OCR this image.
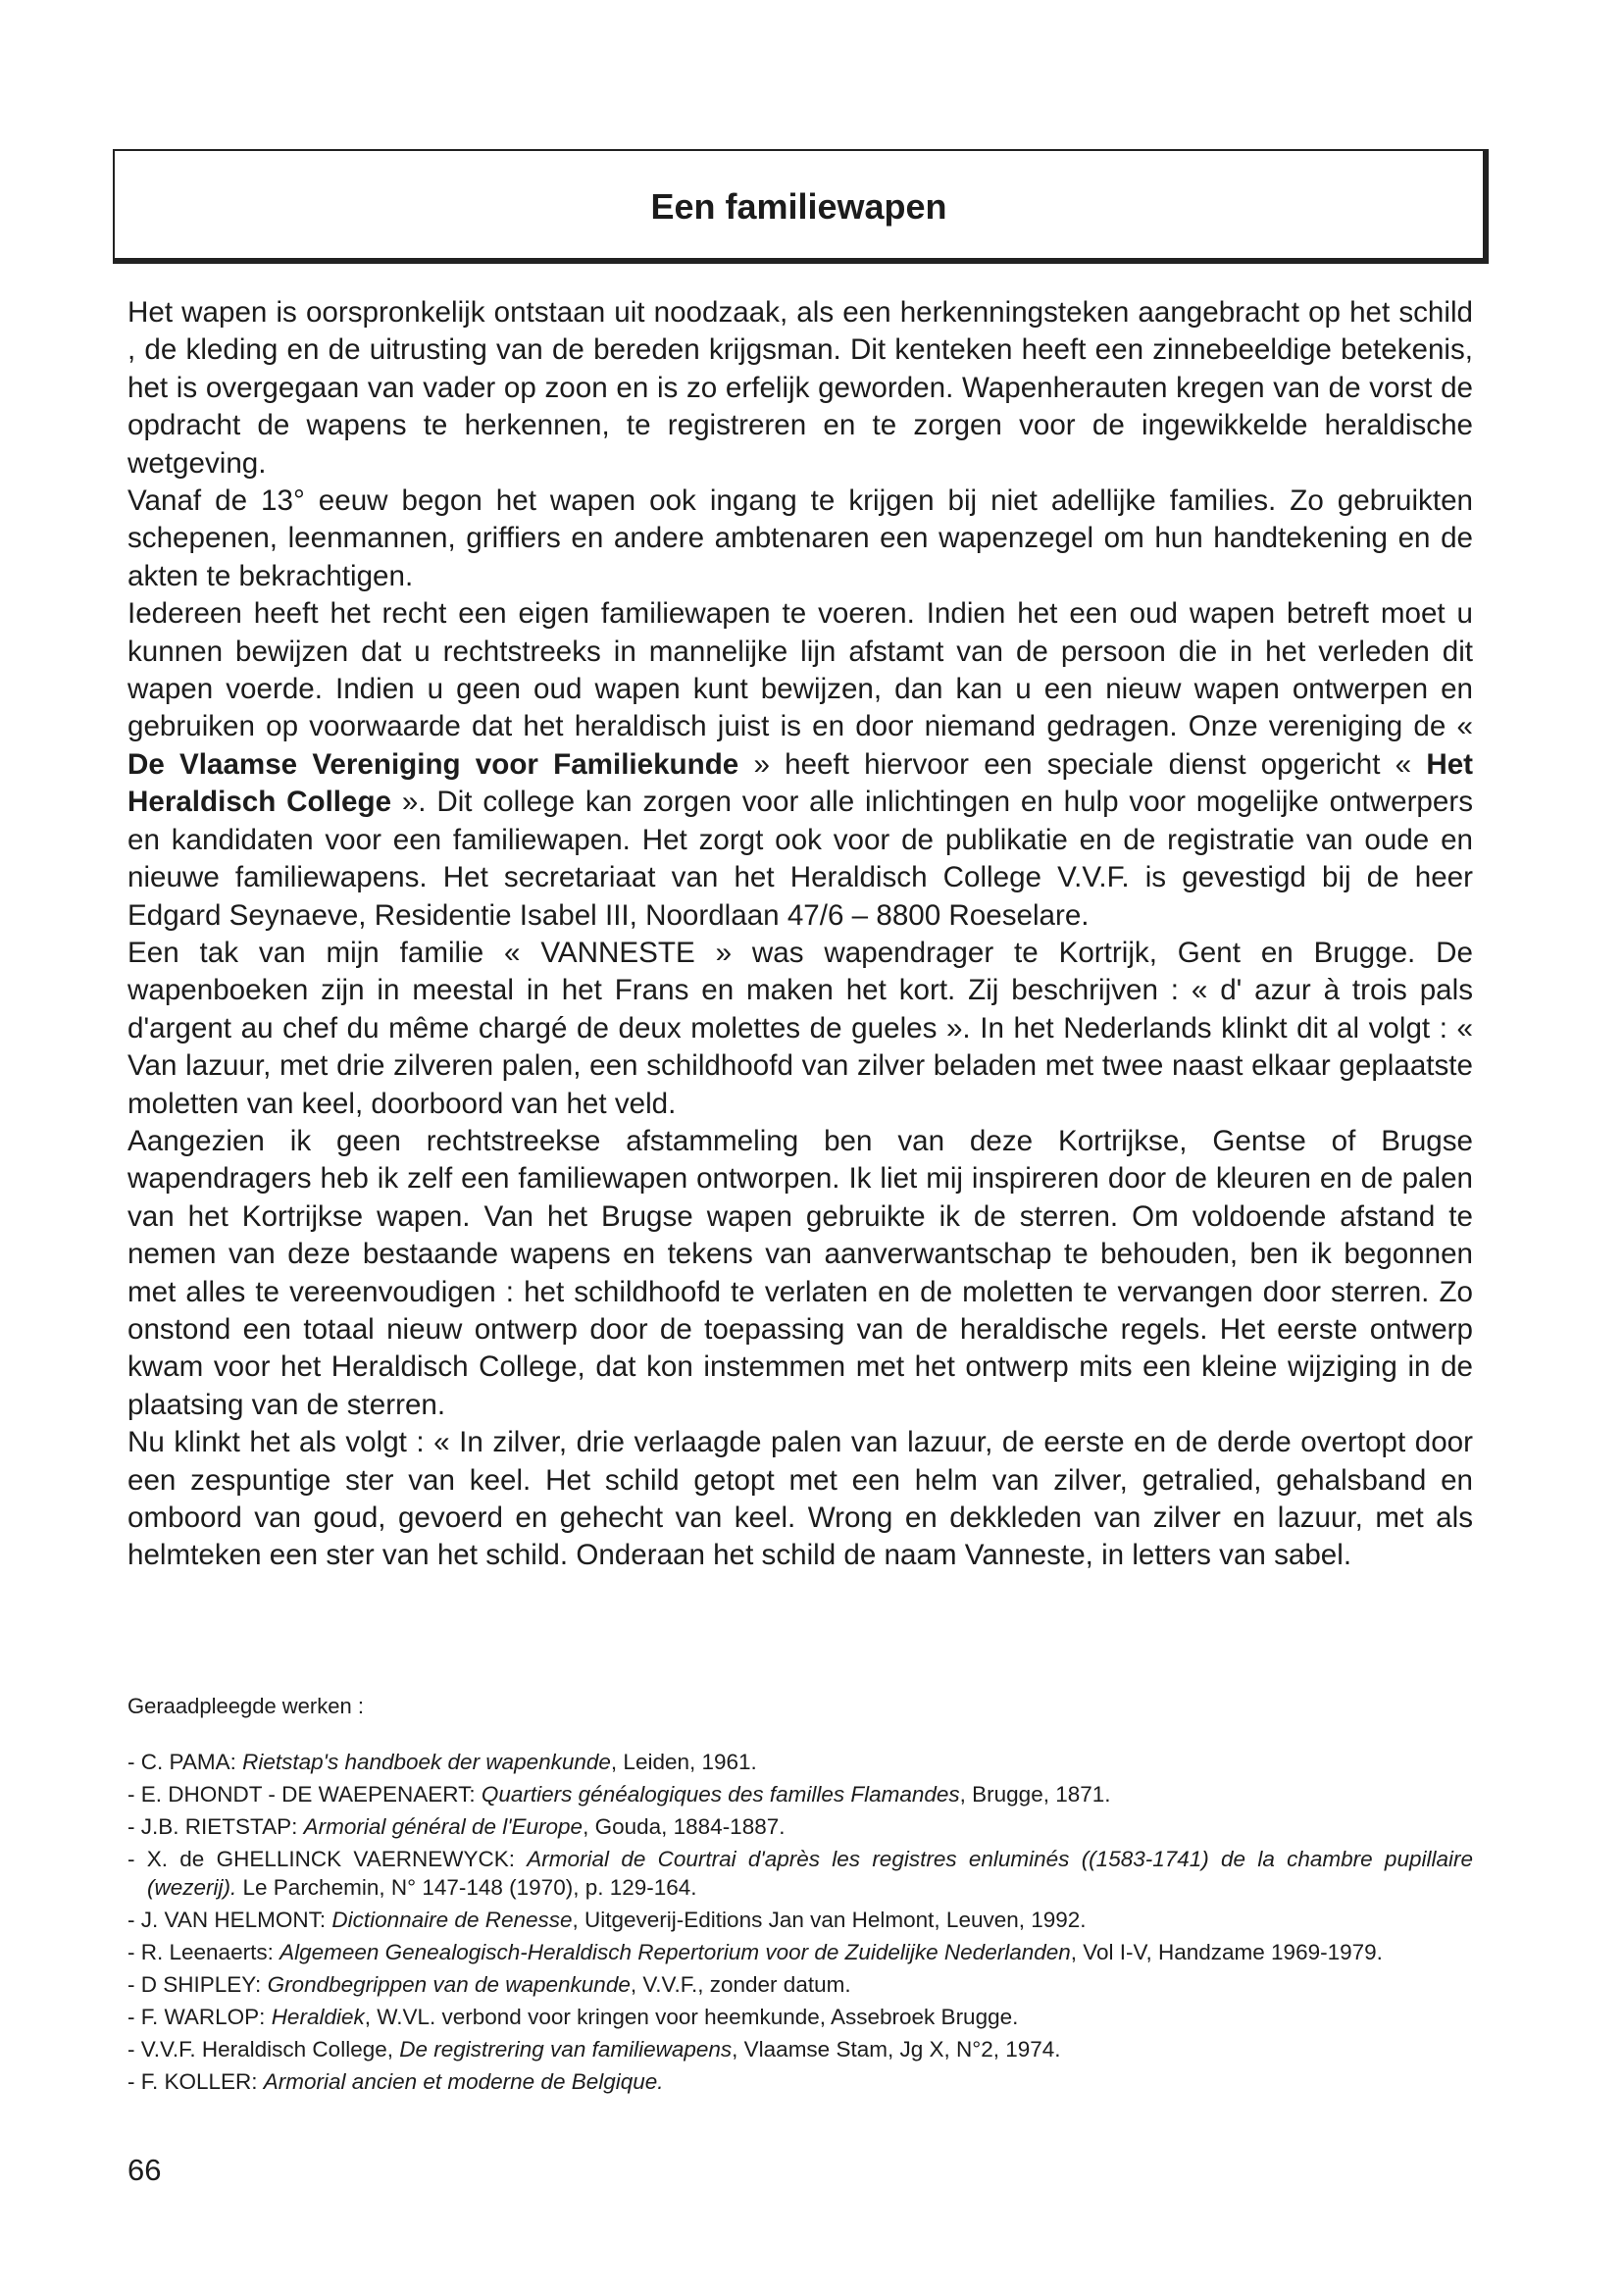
Een familiewapen

Het wapen is oorspronkelijk ontstaan uit noodzaak, als een herkenningsteken aangebracht op het schild , de kleding en de uitrusting van de bereden krijgsman. Dit kenteken heeft een zinnebeeldige betekenis, het is overgegaan van vader op zoon en is zo erfelijk geworden. Wapenherauten kregen van de vorst de opdracht de wapens te herkennen, te registreren en te zorgen voor de ingewikkelde heraldische wetgeving.

Vanaf de 13° eeuw begon het wapen ook ingang te krijgen bij niet adellijke families. Zo gebruikten schepenen, leenmannen, griffiers en andere ambtenaren een wapenzegel om hun handtekening en de akten te bekrachtigen.

Iedereen heeft het recht een eigen familiewapen te voeren. Indien het een oud wapen betreft moet u kunnen bewijzen dat u rechtstreeks in mannelijke lijn afstamt van de persoon die in het verleden dit wapen voerde. Indien u geen oud wapen kunt bewijzen, dan kan u een nieuw wapen ontwerpen en gebruiken op voorwaarde dat het heraldisch juist is en door niemand gedragen. Onze vereniging de « De Vlaamse Vereniging voor Familiekunde » heeft hiervoor een speciale dienst opgericht « Het Heraldisch College ». Dit college kan zorgen voor alle inlichtingen en hulp voor mogelijke ontwerpers en kandidaten voor een familiewapen. Het zorgt ook voor de publikatie en de registratie van oude en nieuwe familiewapens. Het secretariaat van het Heraldisch College V.V.F. is gevestigd bij de heer Edgard Seynaeve, Residentie Isabel III, Noordlaan 47/6 – 8800 Roeselare.

Een tak van mijn familie « VANNESTE » was wapendrager te Kortrijk, Gent en Brugge. De wapenboeken zijn in meestal in het Frans en maken het kort. Zij beschrijven : « d' azur à trois pals d'argent au chef du même chargé de deux molettes de gueles ». In het Nederlands klinkt dit al volgt : « Van lazuur, met drie zilveren palen, een schildhoofd van zilver beladen met twee naast elkaar geplaatste moletten van keel, doorboord van het veld.

Aangezien ik geen rechtstreekse afstammeling ben van deze Kortrijkse, Gentse of Brugse wapendragers heb ik zelf een familiewapen ontworpen. Ik liet mij inspireren door de kleuren en de palen van het Kortrijkse wapen. Van het Brugse wapen gebruikte ik de sterren. Om voldoende afstand te nemen van deze bestaande wapens en tekens van aanverwantschap te behouden, ben ik begonnen met alles te vereenvoudigen : het schildhoofd te verlaten en de moletten te vervangen door sterren. Zo onstond een totaal nieuw ontwerp door de toepassing van de heraldische regels. Het eerste ontwerp kwam voor het Heraldisch College, dat kon instemmen met het ontwerp mits een kleine wijziging in de plaatsing van de sterren.

Nu klinkt het als volgt : « In zilver, drie verlaagde palen van lazuur, de eerste en de derde overtopt door een zespuntige ster van keel. Het schild getopt met een helm van zilver, getralied, gehalsband en omboord van goud, gevoerd en gehecht van keel. Wrong en dekkleden van zilver en lazuur, met als helmteken een ster van het schild. Onderaan het schild de naam Vanneste, in letters van sabel.

Geraadpleegde werken :

- C. PAMA: Rietstap's handboek der wapenkunde, Leiden, 1961.
- E. DHONDT - DE WAEPENAERT: Quartiers généalogiques des familles Flamandes, Brugge, 1871.
- J.B. RIETSTAP: Armorial général de l'Europe, Gouda, 1884-1887.
- X. de GHELLINCK VAERNEWYCK: Armorial de Courtrai d'après les registres enluminés ((1583-1741) de la chambre pupillaire (wezerij). Le Parchemin, N° 147-148 (1970), p. 129-164.
- J. VAN HELMONT: Dictionnaire de Renesse, Uitgeverij-Editions Jan van Helmont, Leuven, 1992.
- R. Leenaerts: Algemeen Genealogisch-Heraldisch Repertorium voor de Zuidelijke Nederlanden, Vol I-V, Handzame 1969-1979.
- D SHIPLEY: Grondbegrippen van de wapenkunde, V.V.F., zonder datum.
- F. WARLOP: Heraldiek, W.VL. verbond voor kringen voor heemkunde, Assebroek Brugge.
- V.V.F. Heraldisch College, De registrering van familiewapens, Vlaamse Stam, Jg X, N°2, 1974.
- F. KOLLER: Armorial ancien et moderne de Belgique.
66
